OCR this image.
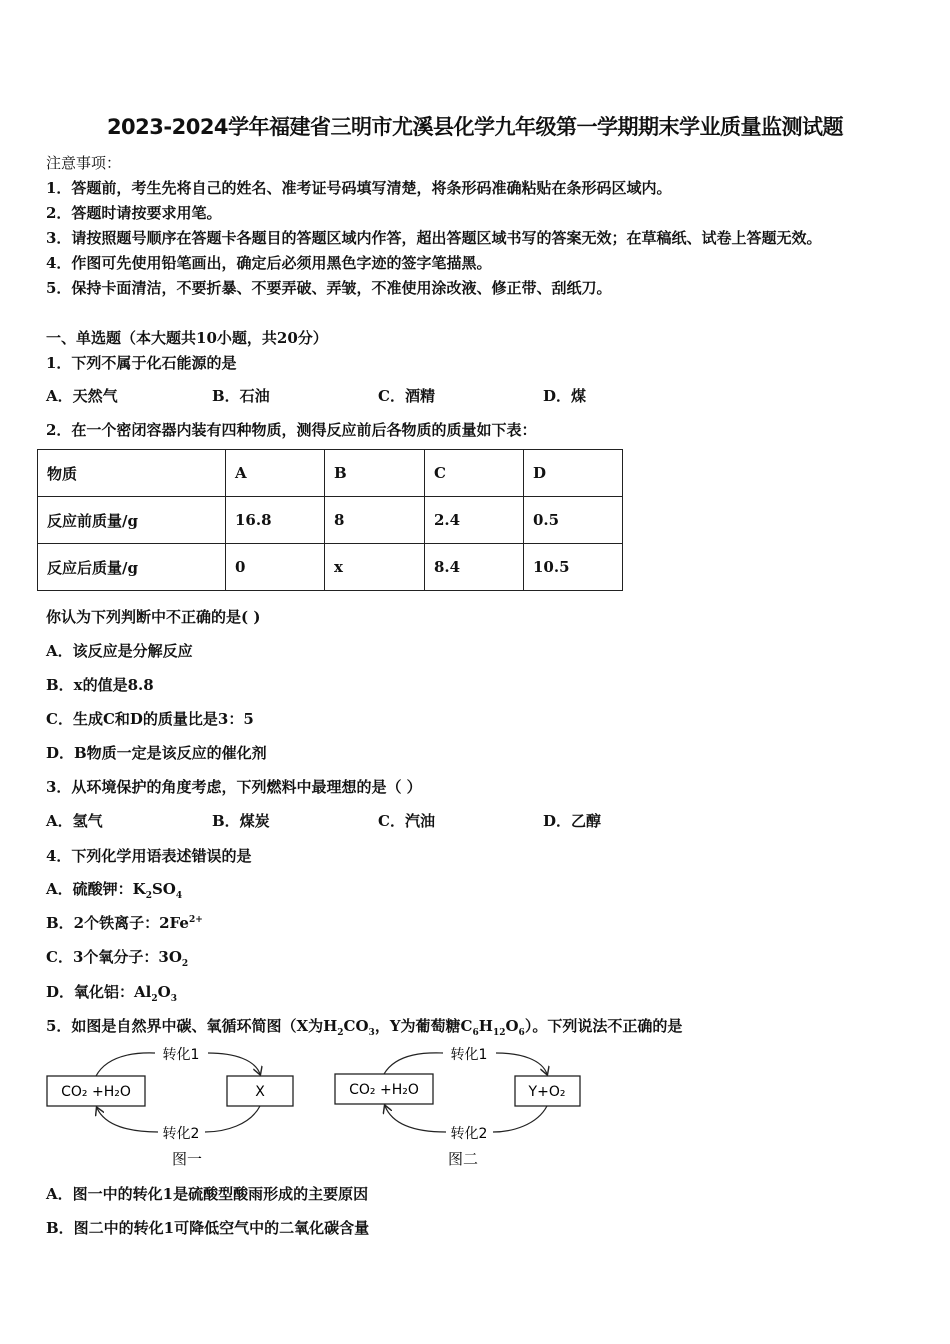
2023-2024学年福建省三明市尤溪县化学九年级第一学期期末学业质量监测试题
注意事项：
1．答题前，考生先将自己的姓名、准考证号码填写清楚，将条形码准确粘贴在条形码区域内。
2．答题时请按要求用笔。
3．请按照题号顺序在答题卡各题目的答题区域内作答，超出答题区域书写的答案无效；在草稿纸、试卷上答题无效。
4．作图可先使用铅笔画出，确定后必须用黑色字迹的签字笔描黑。
5．保持卡面清洁，不要折暴、不要弄破、弄皱，不准使用涂改液、修正带、刮纸刀。
一、单选题（本大题共10小题，共20分）
1．下列不属于化石能源的是
A．天然气	B．石油	C．酒精	D．煤
2．在一个密闭容器内装有四种物质，测得反应前后各物质的质量如下表：
物质	A	B	C	D
反应前质量/g	16.8	8	2.4	0.5
反应后质量/g	0	x	8.4	10.5
你认为下列判断中不正确的是( )
A．该反应是分解反应
B．x的值是8.8
C．生成C和D的质量比是3：5
D．B物质一定是该反应的催化剂
3．从环境保护的角度考虑，下列燃料中最理想的是（ ）
A．氢气	B．煤炭	C．汽油	D．乙醇
4．下列化学用语表述错误的是
A．硫酸钾：$K_2SO_4$
B．2个铁离子：$2Fe^{2+}$
C．3个氧分子：$3O_2$
D．氧化铝：$Al_2O_3$
5．如图是自然界中碳、氧循环简图（X为$H_2CO_3$，Y为葡萄糖$C_6H_{12}O_6$）。下列说法不正确的是
CO₂ +H₂O	X
转化1
转化2
图一
CO₂ +H₂O	Y+O₂
转化1
转化2
图二
A．图一中的转化1是硫酸型酸雨形成的主要原因
B．图二中的转化1可降低空气中的二氧化碳含量
